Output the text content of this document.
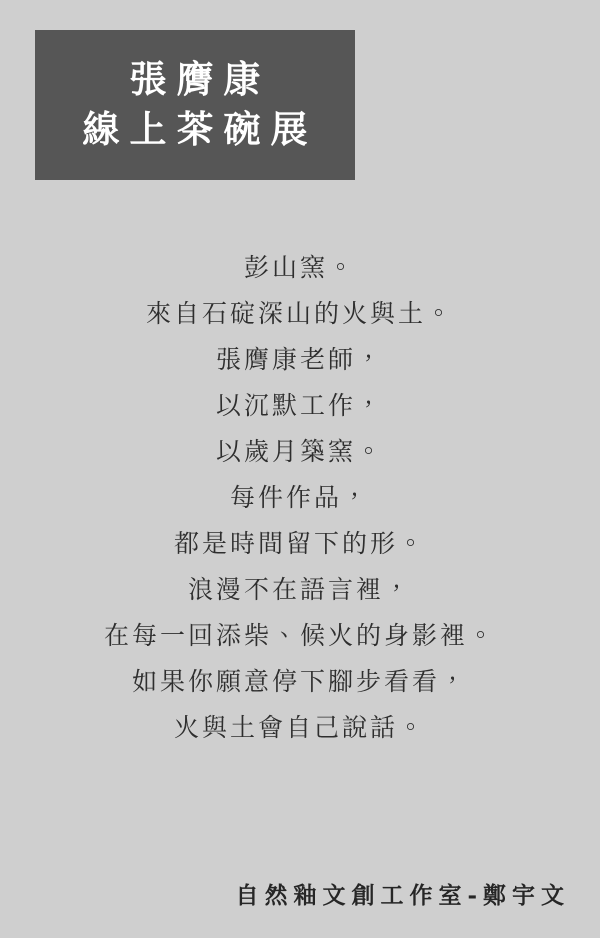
張膺康
線上茶碗展
彭山窯。
來自石碇深山的火與土。
張膺康老師，
以沉默工作，
以歲月築窯。
每件作品，
都是時間留下的形。
浪漫不在語言裡，
在每一回添柴、候火的身影裡。
如果你願意停下腳步看看，
火與土會自己說話。
自然釉文創工作室-鄭宇文
